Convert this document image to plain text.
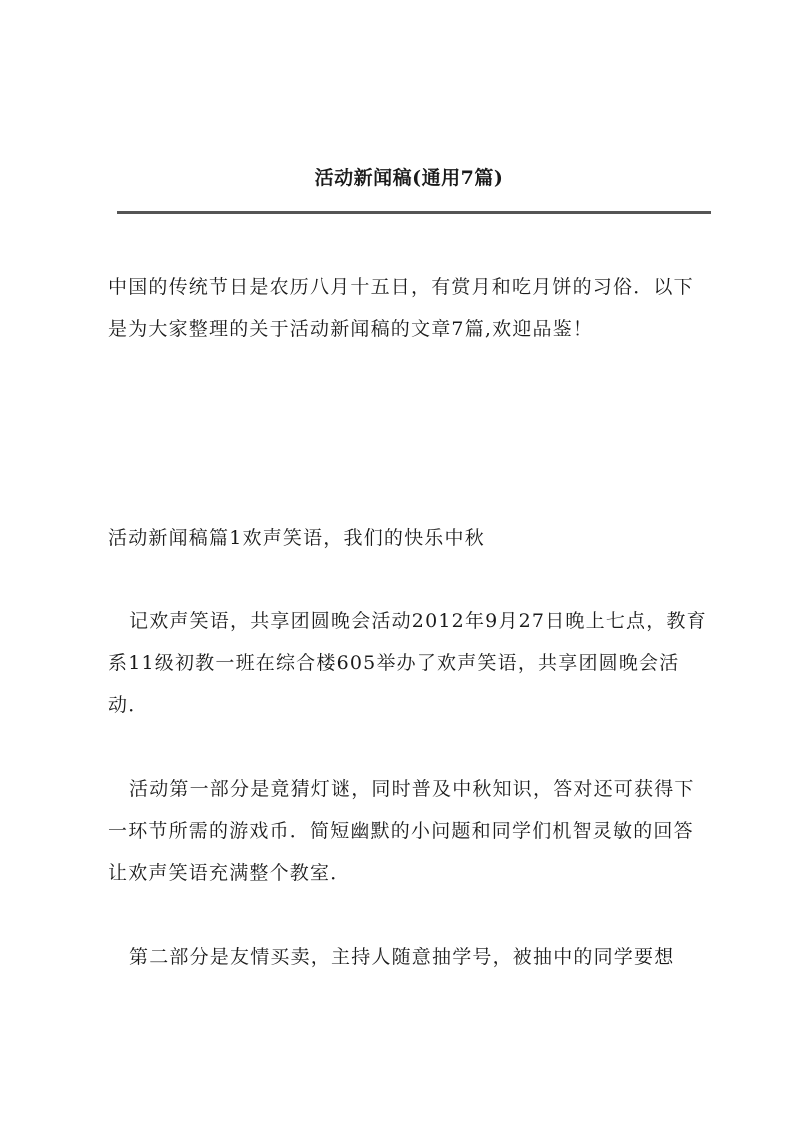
活动新闻稿(通用7篇)

中国的传统节日是农历八月十五日，有赏月和吃月饼的习俗．以下是为大家整理的关于活动新闻稿的文章7篇,欢迎品鉴！

活动新闻稿篇1欢声笑语，我们的快乐中秋

记欢声笑语，共享团圆晚会活动2012年9月27日晚上七点，教育系11级初教一班在综合楼605举办了欢声笑语，共享团圆晚会活动．

活动第一部分是竟猜灯谜，同时普及中秋知识，答对还可获得下一环节所需的游戏币．简短幽默的小问题和同学们机智灵敏的回答让欢声笑语充满整个教室．

第二部分是友情买卖，主持人随意抽学号，被抽中的同学要想
